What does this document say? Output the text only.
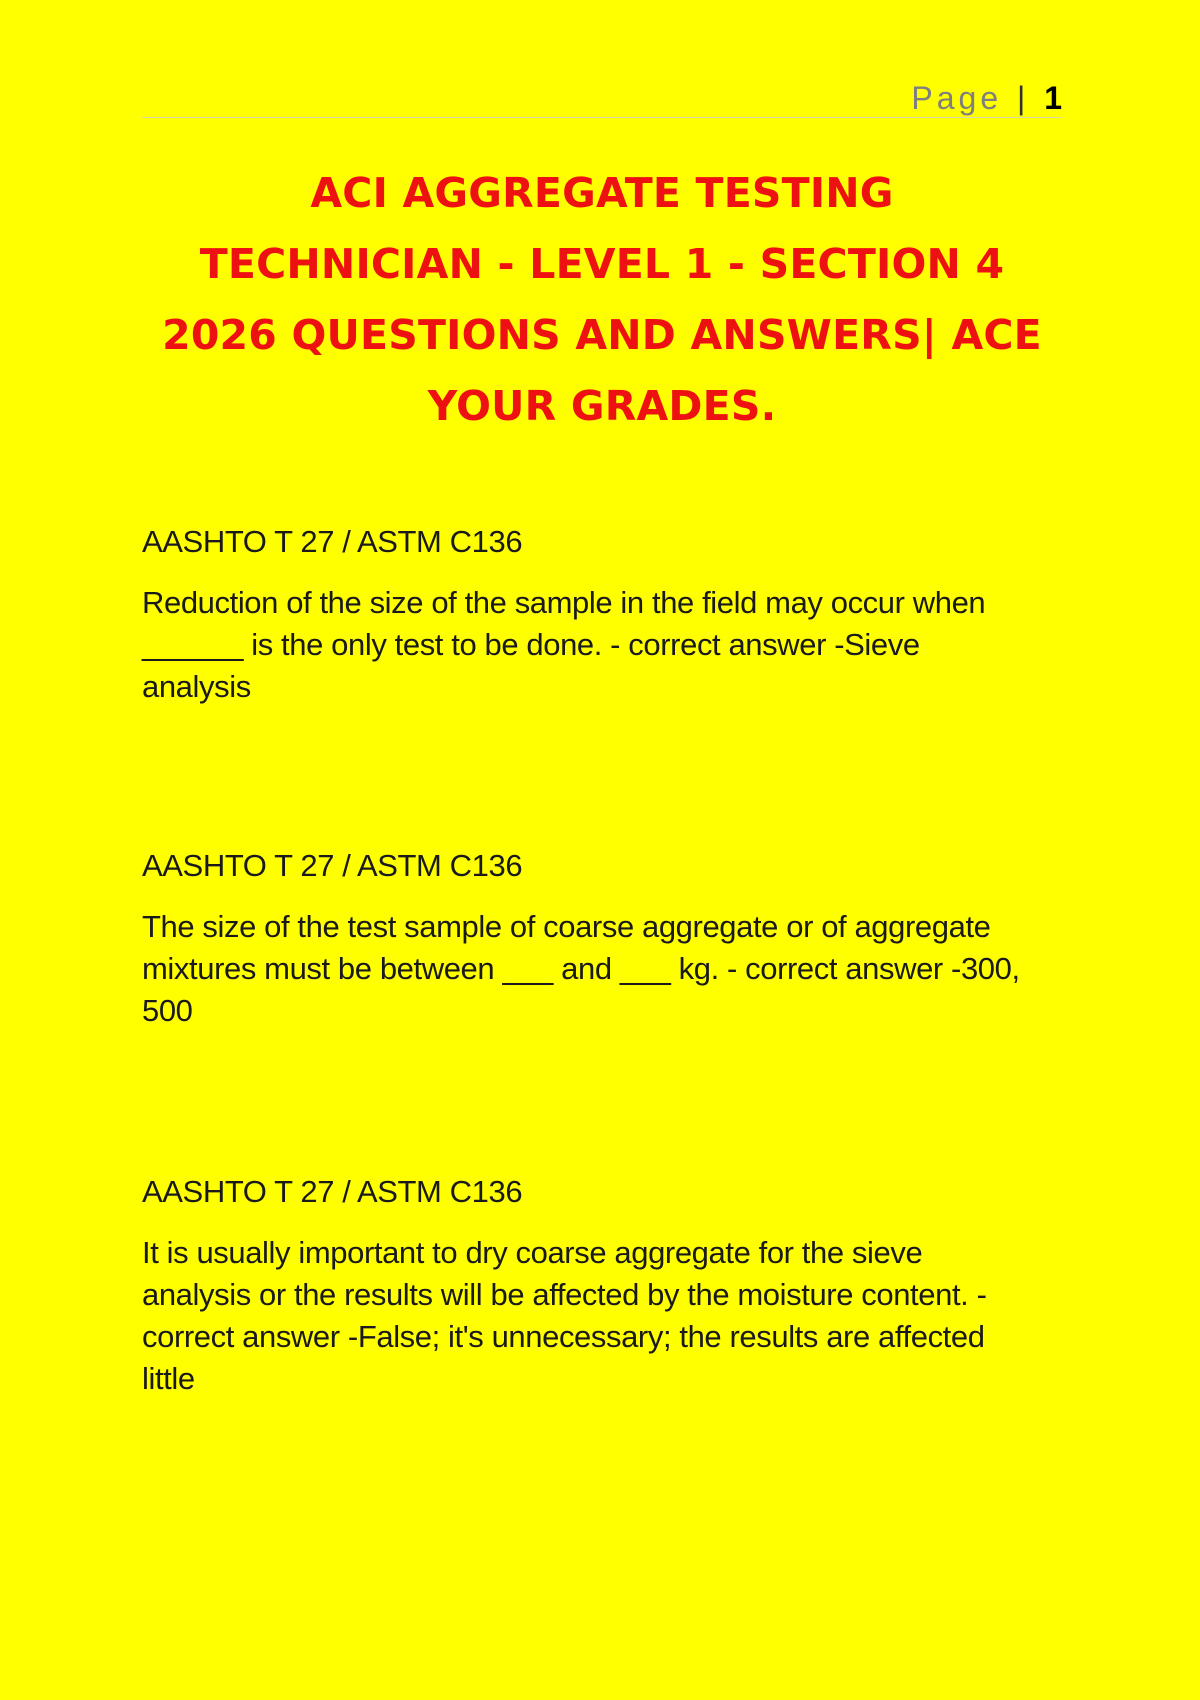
Page | 1
ACI AGGREGATE TESTING
TECHNICIAN - LEVEL 1 - SECTION 4
2026 QUESTIONS AND ANSWERS| ACE
YOUR GRADES.
AASHTO T 27 / ASTM C136

Reduction of the size of the sample in the field may occur when
______ is the only test to be done. - correct answer -Sieve
analysis

AASHTO T 27 / ASTM C136

The size of the test sample of coarse aggregate or of aggregate
mixtures must be between ___ and ___ kg. - correct answer -300,
500

AASHTO T 27 / ASTM C136

It is usually important to dry coarse aggregate for the sieve
analysis or the results will be affected by the moisture content. -
correct answer -False; it's unnecessary; the results are affected
little
